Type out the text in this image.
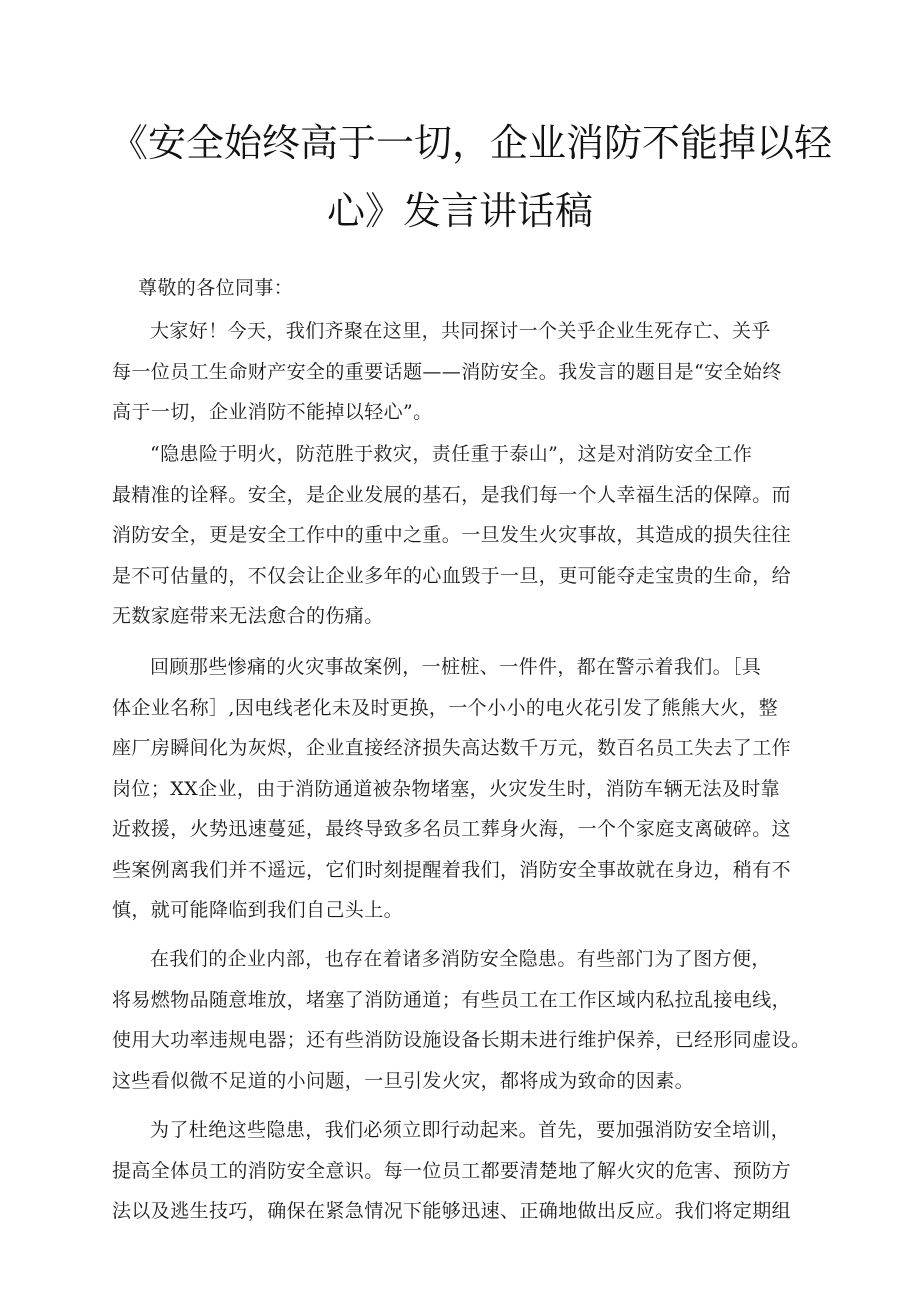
《安全始终高于一切，企业消防不能掉以轻
心》发言讲话稿
尊敬的各位同事：
大家好！今天，我们齐聚在这里，共同探讨一个关乎企业生死存亡、关乎
每一位员工生命财产安全的重要话题——消防安全。我发言的题目是“安全始终
高于一切，企业消防不能掉以轻心”。
“隐患险于明火，防范胜于救灾，责任重于泰山”，这是对消防安全工作
最精准的诠释。安全，是企业发展的基石，是我们每一个人幸福生活的保障。而
消防安全，更是安全工作中的重中之重。一旦发生火灾事故，其造成的损失往往
是不可估量的，不仅会让企业多年的心血毁于一旦，更可能夺走宝贵的生命，给
无数家庭带来无法愈合的伤痛。
回顾那些惨痛的火灾事故案例，一桩桩、一件件，都在警示着我们。［具
体企业名称］,因电线老化未及时更换，一个小小的电火花引发了熊熊大火，整
座厂房瞬间化为灰烬，企业直接经济损失高达数千万元，数百名员工失去了工作
岗位；XX企业，由于消防通道被杂物堵塞，火灾发生时，消防车辆无法及时靠
近救援，火势迅速蔓延，最终导致多名员工葬身火海，一个个家庭支离破碎。这
些案例离我们并不遥远，它们时刻提醒着我们，消防安全事故就在身边，稍有不
慎，就可能降临到我们自己头上。
在我们的企业内部，也存在着诸多消防安全隐患。有些部门为了图方便，
将易燃物品随意堆放，堵塞了消防通道；有些员工在工作区域内私拉乱接电线，
使用大功率违规电器；还有些消防设施设备长期未进行维护保养，已经形同虚设。
这些看似微不足道的小问题，一旦引发火灾，都将成为致命的因素。
为了杜绝这些隐患，我们必须立即行动起来。首先，要加强消防安全培训，
提高全体员工的消防安全意识。每一位员工都要清楚地了解火灾的危害、预防方
法以及逃生技巧，确保在紧急情况下能够迅速、正确地做出反应。我们将定期组
